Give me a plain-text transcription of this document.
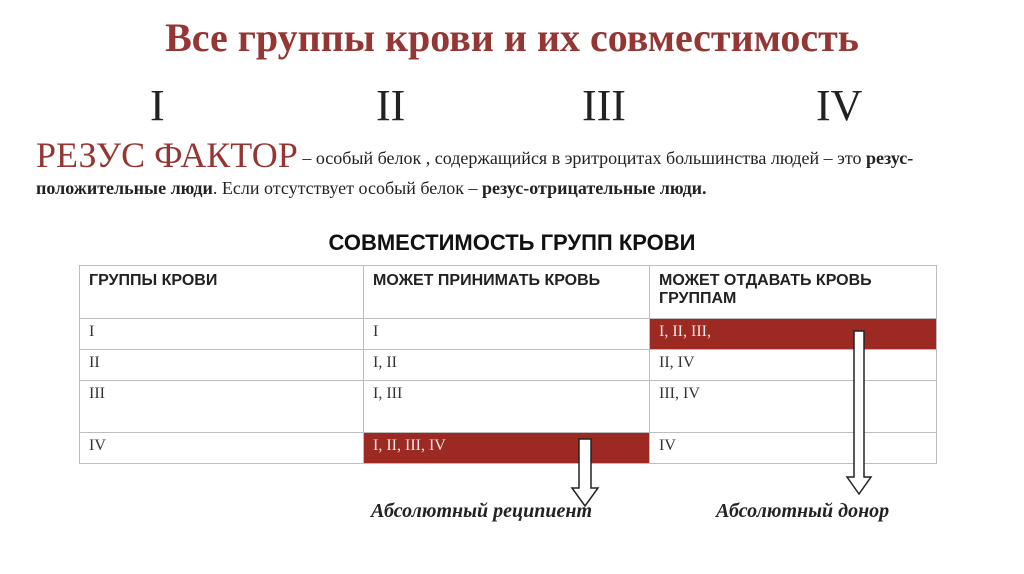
Все группы крови и их совместимость
I	II	III	IV
РЕЗУС ФАКТОР – особый белок , содержащийся в эритроцитах большинства людей – это резус-положительные люди. Если отсутствует особый белок – резус-отрицательные люди.
СОВМЕСТИМОСТЬ ГРУПП КРОВИ
ГРУППЫ КРОВИ	МОЖЕТ ПРИНИМАТЬ КРОВЬ	МОЖЕТ ОТДАВАТЬ КРОВЬ ГРУППАМ
I	I	I, II, III,
II	I, II	II, IV
III	I, III	III, IV
IV	I, II, III, IV	IV
Абсолютный реципиент	Абсолютный донор
